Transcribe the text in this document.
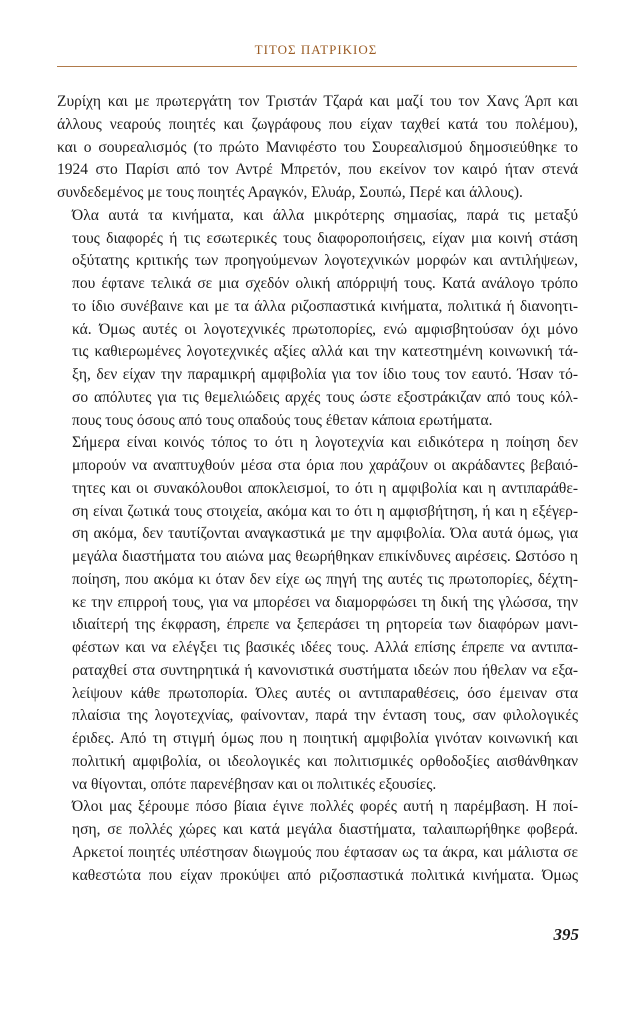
ΤΙΤΟΣ ΠΑΤΡΙΚΙΟΣ
Ζυρίχη και με πρωτεργάτη τον Τριστάν Τζαρά και μαζί του τον Χανς Άρπ και
άλλους νεαρούς ποιητές και ζωγράφους που είχαν ταχθεί κατά του πολέμου),
και ο σουρεαλισμός (το πρώτο Μανιφέστο του Σουρεαλισμού δημοσιεύθηκε το
1924 στο Παρίσι από τον Αντρέ Μπρετόν, που εκείνον τον καιρό ήταν στενά
συνδεδεμένος με τους ποιητές Αραγκόν, Ελυάρ, Σουπώ, Περέ και άλλους).
Όλα αυτά τα κινήματα, και άλλα μικρότερης σημασίας, παρά τις μεταξύ
τους διαφορές ή τις εσωτερικές τους διαφοροποιήσεις, είχαν μια κοινή στάση
οξύτατης κριτικής των προηγούμενων λογοτεχνικών μορφών και αντιλήψεων,
που έφτανε τελικά σε μια σχεδόν ολική απόρριψή τους. Κατά ανάλογο τρόπο
το ίδιο συνέβαινε και με τα άλλα ριζοσπαστικά κινήματα, πολιτικά ή διανοητι-
κά. Όμως αυτές οι λογοτεχνικές πρωτοπορίες, ενώ αμφισβητούσαν όχι μόνο
τις καθιερωμένες λογοτεχνικές αξίες αλλά και την κατεστημένη κοινωνική τά-
ξη, δεν είχαν την παραμικρή αμφιβολία για τον ίδιο τους τον εαυτό. Ήσαν τό-
σο απόλυτες για τις θεμελιώδεις αρχές τους ώστε εξοστράκιζαν από τους κόλ-
πους τους όσους από τους οπαδούς τους έθεταν κάποια ερωτήματα.
Σήμερα είναι κοινός τόπος το ότι η λογοτεχνία και ειδικότερα η ποίηση δεν
μπορούν να αναπτυχθούν μέσα στα όρια που χαράζουν οι ακράδαντες βεβαιό-
τητες και οι συνακόλουθοι αποκλεισμοί, το ότι η αμφιβολία και η αντιπαράθε-
ση είναι ζωτικά τους στοιχεία, ακόμα και το ότι η αμφισβήτηση, ή και η εξέγερ-
ση ακόμα, δεν ταυτίζονται αναγκαστικά με την αμφιβολία. Όλα αυτά όμως, για
μεγάλα διαστήματα του αιώνα μας θεωρήθηκαν επικίνδυνες αιρέσεις. Ωστόσο η
ποίηση, που ακόμα κι όταν δεν είχε ως πηγή της αυτές τις πρωτοπορίες, δέχτη-
κε την επιρροή τους, για να μπορέσει να διαμορφώσει τη δική της γλώσσα, την
ιδιαίτερή της έκφραση, έπρεπε να ξεπεράσει τη ρητορεία των διαφόρων μανι-
φέστων και να ελέγξει τις βασικές ιδέες τους. Αλλά επίσης έπρεπε να αντιπα-
ραταχθεί στα συντηρητικά ή κανονιστικά συστήματα ιδεών που ήθελαν να εξα-
λείψουν κάθε πρωτοπορία. Όλες αυτές οι αντιπαραθέσεις, όσο έμειναν στα
πλαίσια της λογοτεχνίας, φαίνονταν, παρά την ένταση τους, σαν φιλολογικές
έριδες. Από τη στιγμή όμως που η ποιητική αμφιβολία γινόταν κοινωνική και
πολιτική αμφιβολία, οι ιδεολογικές και πολιτισμικές ορθοδοξίες αισθάνθηκαν
να θίγονται, οπότε παρενέβησαν και οι πολιτικές εξουσίες.
Όλοι μας ξέρουμε πόσο βίαια έγινε πολλές φορές αυτή η παρέμβαση. Η ποί-
ηση, σε πολλές χώρες και κατά μεγάλα διαστήματα, ταλαιπωρήθηκε φοβερά.
Αρκετοί ποιητές υπέστησαν διωγμούς που έφτασαν ως τα άκρα, και μάλιστα σε
καθεστώτα που είχαν προκύψει από ριζοσπαστικά πολιτικά κινήματα. Όμως
395
